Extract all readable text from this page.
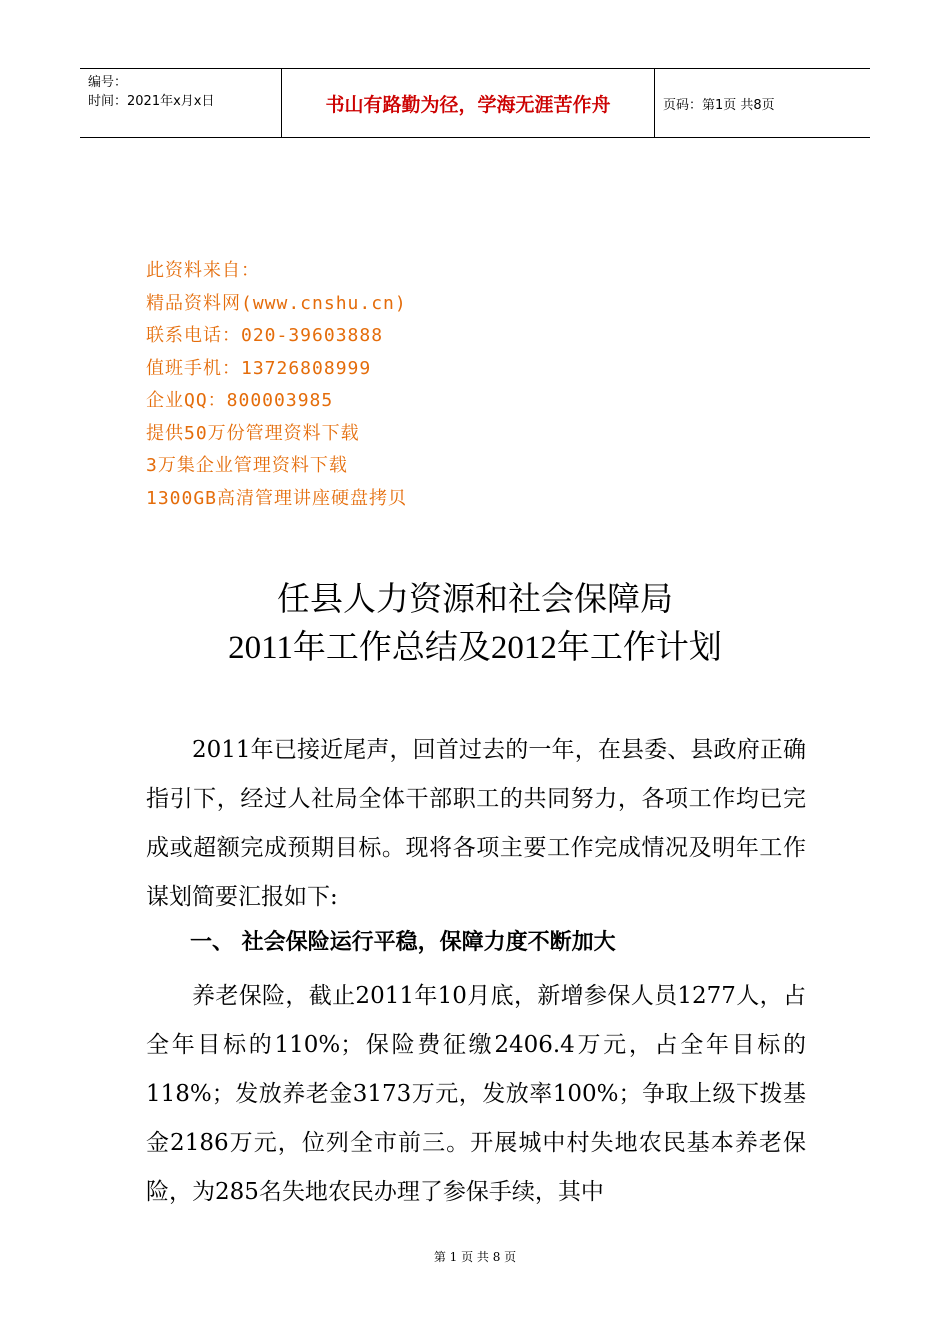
编号：
时间：2021年x月x日	书山有路勤为径，学海无涯苦作舟	页码：第1页 共8页
此资料来自：
精品资料网(www.cnshu.cn)
联系电话：020-39603888
值班手机：13726808999
企业QQ：800003985
提供50万份管理资料下载
3万集企业管理资料下载
1300GB高清管理讲座硬盘拷贝
任县人力资源和社会保障局
2011年工作总结及2012年工作计划
2011年已接近尾声，回首过去的一年，在县委、县政府正确指引下，经过人社局全体干部职工的共同努力，各项工作均已完成或超额完成预期目标。现将各项主要工作完成情况及明年工作谋划简要汇报如下:
一、 社会保险运行平稳，保障力度不断加大
养老保险，截止2011年10月底，新增参保人员1277人，占全年目标的110%；保险费征缴2406.4万元，占全年目标的118%；发放养老金3173万元，发放率100%；争取上级下拨基金2186万元，位列全市前三。开展城中村失地农民基本养老保险，为285名失地农民办理了参保手续，其中
第 1 页 共 8 页
